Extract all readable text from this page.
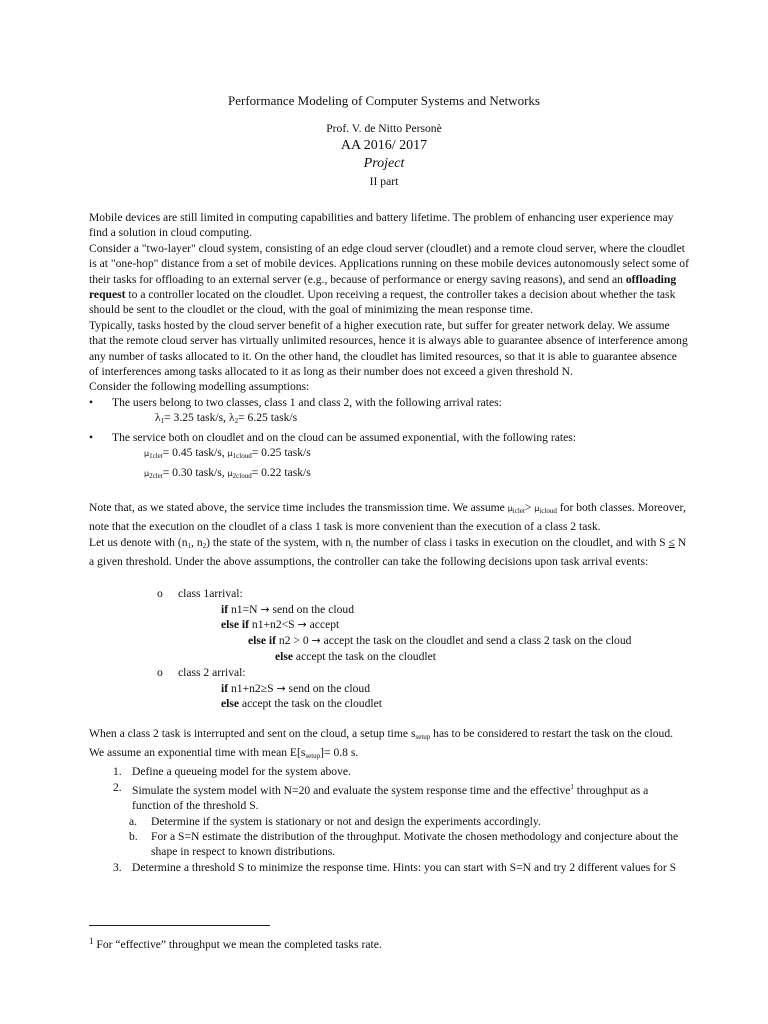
Performance Modeling of Computer Systems and Networks
Prof. V. de Nitto Personè
AA 2016/ 2017
Project
II part

Mobile devices are still limited in computing capabilities and battery lifetime. The problem of enhancing user experience may find a solution in cloud computing.

Consider a "two-layer" cloud system, consisting of an edge cloud server (cloudlet) and a remote cloud server, where the cloudlet is at "one-hop" distance from a set of mobile devices. Applications running on these mobile devices autonomously select some of their tasks for offloading to an external server (e.g., because of performance or energy saving reasons), and send an offloading request to a controller located on the cloudlet. Upon receiving a request, the controller takes a decision about whether the task should be sent to the cloudlet or the cloud, with the goal of minimizing the mean response time.

Typically, tasks hosted by the cloud server benefit of a higher execution rate, but suffer for greater network delay. We assume that the remote cloud server has virtually unlimited resources, hence it is always able to guarantee absence of interference among any number of tasks allocated to it. On the other hand, the cloudlet has limited resources, so that it is able to guarantee absence of interferences among tasks allocated to it as long as their number does not exceed a given threshold N.

Consider the following modelling assumptions:

• The users belong to two classes, class 1 and class 2, with the following arrival rates:
$\lambda_1= 3.25$ task/s, $\lambda_2= 6.25$ task/s
• The service both on cloudlet and on the cloud can be assumed exponential, with the following rates:
$\mu_{1clet}= 0.45$ task/s, $\mu_{1cloud}= 0.25$ task/s
$\mu_{2clet}= 0.30$ task/s, $\mu_{2cloud}= 0.22$ task/s

Note that, as we stated above, the service time includes the transmission time. We assume $\mu_{iclet}> \mu_{icloud}$ for both classes. Moreover, note that the execution on the cloudlet of a class 1 task is more convenient than the execution of a class 2 task.

Let us denote with ($n_1$, $n_2$) the state of the system, with $n_i$ the number of class i tasks in execution on the cloudlet, and with S ≤ N a given threshold. Under the above assumptions, the controller can take the following decisions upon task arrival events:

o class 1arrival:
if n1=N → send on the cloud
else if n1+n2<S → accept
else if n2 > 0 → accept the task on the cloudlet and send a class 2 task on the cloud
else accept the task on the cloudlet
o class 2 arrival:
if n1+n2≥S → send on the cloud
else accept the task on the cloudlet

When a class 2 task is interrupted and sent on the cloud, a setup time $s_{setup}$ has to be considered to restart the task on the cloud. We assume an exponential time with mean $E[s_{setup}]= 0.8$ s.

1. Define a queueing model for the system above.
2. Simulate the system model with N=20 and evaluate the system response time and the effective$^1$ throughput as a function of the threshold S.
a. Determine if the system is stationary or not and design the experiments accordingly.
b. For a S=N estimate the distribution of the throughput. Motivate the chosen methodology and conjecture about the shape in respect to known distributions.
3. Determine a threshold S to minimize the response time. Hints: you can start with S=N and try 2 different values for S
$^1$ For “effective” throughput we mean the completed tasks rate.
